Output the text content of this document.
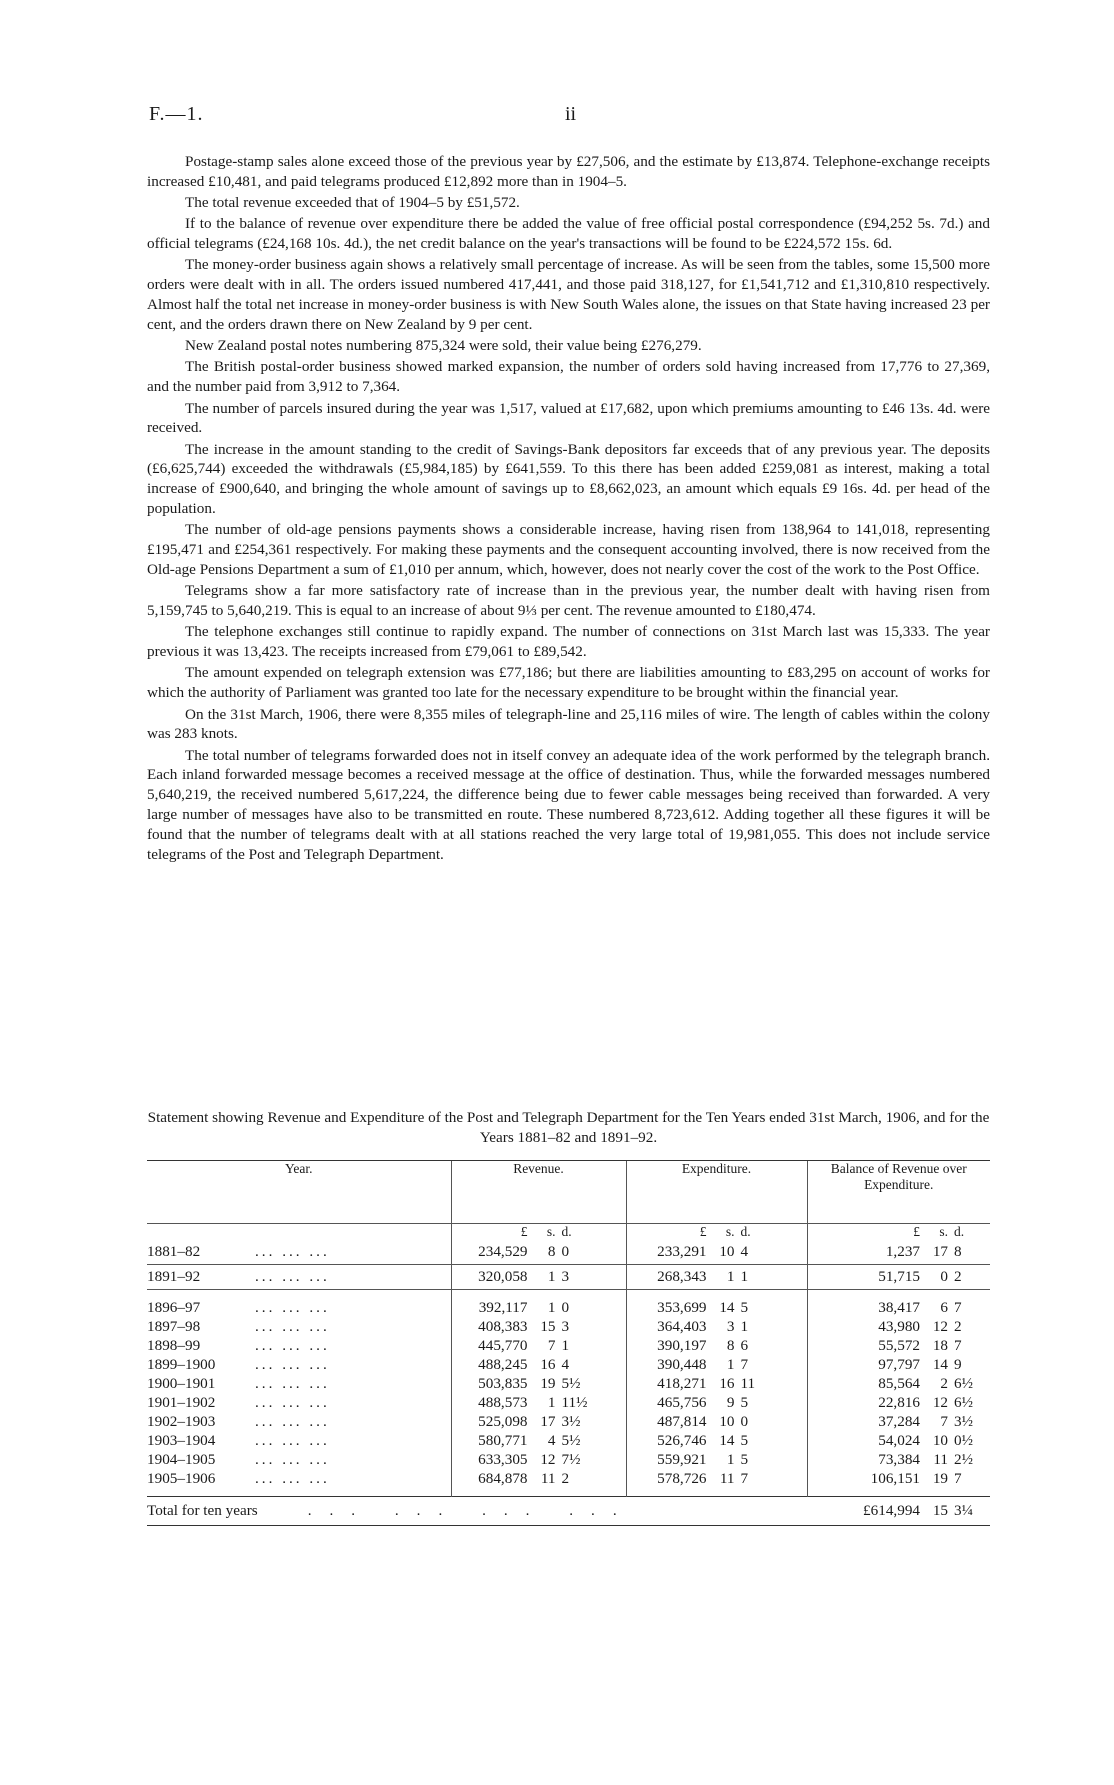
F.—1.	ii

Postage-stamp sales alone exceed those of the previous year by £27,506, and the estimate by £13,874. Telephone-exchange receipts increased £10,481, and paid telegrams produced £12,892 more than in 1904–5.

The total revenue exceeded that of 1904–5 by £51,572.

If to the balance of revenue over expenditure there be added the value of free official postal correspondence (£94,252 5s. 7d.) and official telegrams (£24,168 10s. 4d.), the net credit balance on the year's transactions will be found to be £224,572 15s. 6d.

The money-order business again shows a relatively small percentage of increase. As will be seen from the tables, some 15,500 more orders were dealt with in all. The orders issued numbered 417,441, and those paid 318,127, for £1,541,712 and £1,310,810 respectively. Almost half the total net increase in money-order business is with New South Wales alone, the issues on that State having increased 23 per cent, and the orders drawn there on New Zealand by 9 per cent.

New Zealand postal notes numbering 875,324 were sold, their value being £276,279.

The British postal-order business showed marked expansion, the number of orders sold having increased from 17,776 to 27,369, and the number paid from 3,912 to 7,364.

The number of parcels insured during the year was 1,517, valued at £17,682, upon which premiums amounting to £46 13s. 4d. were received.

The increase in the amount standing to the credit of Savings-Bank depositors far exceeds that of any previous year. The deposits (£6,625,744) exceeded the withdrawals (£5,984,185) by £641,559. To this there has been added £259,081 as interest, making a total increase of £900,640, and bringing the whole amount of savings up to £8,662,023, an amount which equals £9 16s. 4d. per head of the population.

The number of old-age pensions payments shows a considerable increase, having risen from 138,964 to 141,018, representing £195,471 and £254,361 respectively. For making these payments and the consequent accounting involved, there is now received from the Old-age Pensions Department a sum of £1,010 per annum, which, however, does not nearly cover the cost of the work to the Post Office.

Telegrams show a far more satisfactory rate of increase than in the previous year, the number dealt with having risen from 5,159,745 to 5,640,219. This is equal to an increase of about 9⅓ per cent. The revenue amounted to £180,474.

The telephone exchanges still continue to rapidly expand. The number of connections on 31st March last was 15,333. The year previous it was 13,423. The receipts increased from £79,061 to £89,542.

The amount expended on telegraph extension was £77,186; but there are liabilities amounting to £83,295 on account of works for which the authority of Parliament was granted too late for the necessary expenditure to be brought within the financial year.

On the 31st March, 1906, there were 8,355 miles of telegraph-line and 25,116 miles of wire. The length of cables within the colony was 283 knots.

The total number of telegrams forwarded does not in itself convey an adequate idea of the work performed by the telegraph branch. Each inland forwarded message becomes a received message at the office of destination. Thus, while the forwarded messages numbered 5,640,219, the received numbered 5,617,224, the difference being due to fewer cable messages being received than forwarded. A very large number of messages have also to be transmitted en route. These numbered 8,723,612. Adding together all these figures it will be found that the number of telegrams dealt with at all stations reached the very large total of 19,981,055. This does not include service telegrams of the Post and Telegraph Department.

Statement showing Revenue and Expenditure of the Post and Telegraph Department for the Ten Years ended 31st March, 1906, and for the Years 1881–82 and 1891–92.

Year.	Revenue.	Expenditure.	Balance of Revenue over Expenditure.

	£ s. d.	£ s. d.	£ s. d.

1881–82 ... ... ...	234,529 8 0	233,291 10 4	1,237 17 8

1891–92 ... ... ...	320,058 1 3	268,343 1 1	51,715 0 2

1896–97 ... ... ...	392,117 1 0	353,699 14 5	38,417 6 7

1897–98 ... ... ...	408,383 15 3	364,403 3 1	43,980 12 2

1898–99 ... ... ...	445,770 7 1	390,197 8 6	55,572 18 7

1899–1900 ... ... ...	488,245 16 4	390,448 1 7	97,797 14 9

1900–1901 ... ... ...	503,835 19 5½	418,271 16 11	85,564 2 6½

1901–1902 ... ... ...	488,573 1 11½	465,756 9 5	22,816 12 6½

1902–1903 ... ... ...	525,098 17 3½	487,814 10 0	37,284 7 3½

1903–1904 ... ... ...	580,771 4 5½	526,746 14 5	54,024 10 0½

1904–1905 ... ... ...	633,305 12 7½	559,921 1 5	73,384 11 2½

1905–1906 ... ... ...	684,878 11 2	578,726 11 7	106,151 19 7

Total for ten years ... ... ... ...			£614,994 15 3¼
